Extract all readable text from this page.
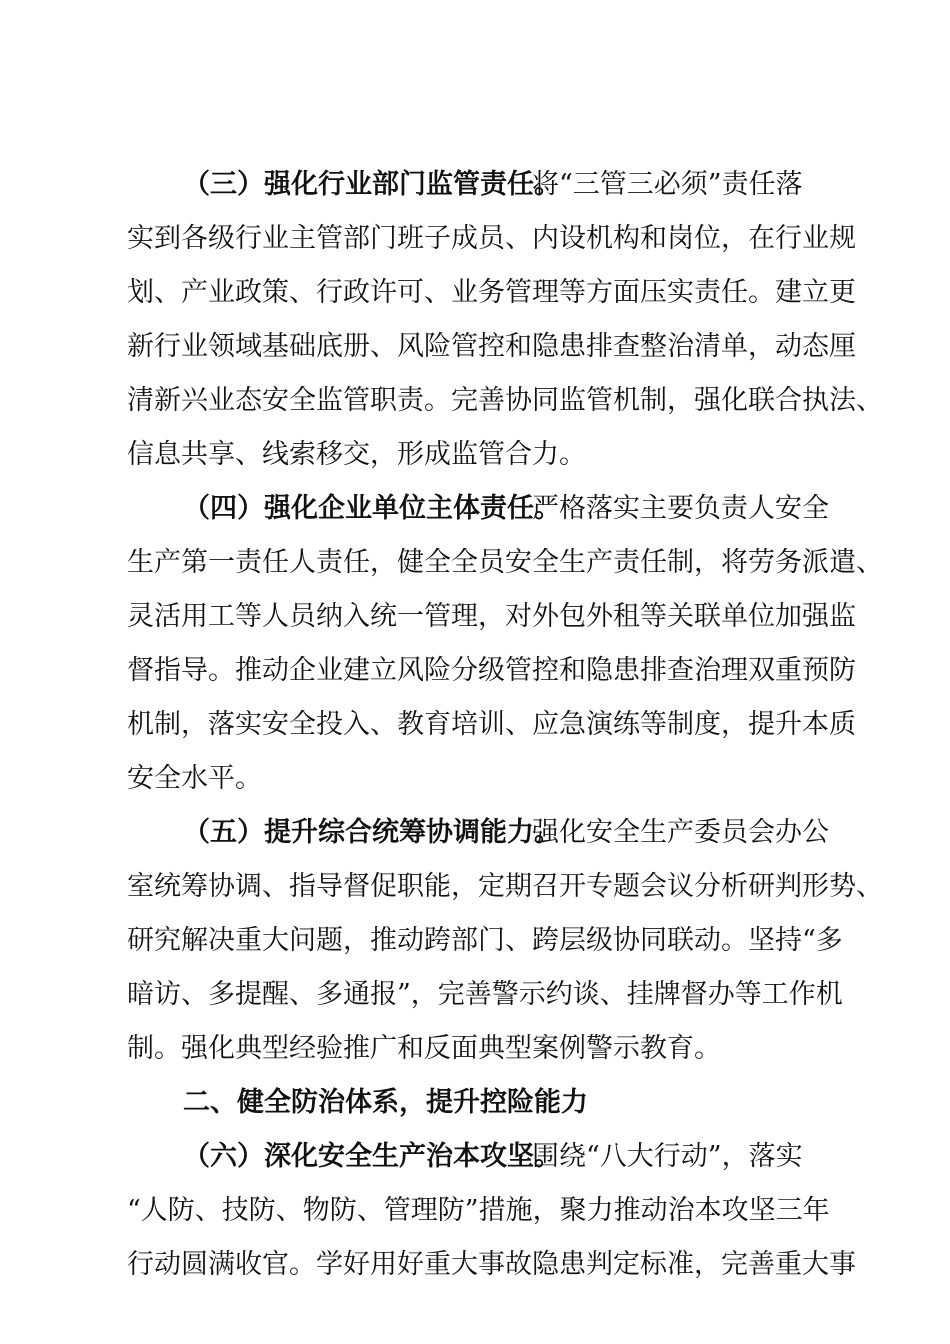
（三）强化行业部门监管责任。
将“三管三必须”责任落
实到各级行业主管部门班子成员、内设机构和岗位，在行业规
划、产业政策、行政许可、业务管理等方面压实责任。建立更
新行业领域基础底册、风险管控和隐患排查整治清单，动态厘
清新兴业态安全监管职责。完善协同监管机制，强化联合执法、
信息共享、线索移交，形成监管合力。
（四）强化企业单位主体责任。
严格落实主要负责人安全
生产第一责任人责任，健全全员安全生产责任制，将劳务派遣、
灵活用工等人员纳入统一管理，对外包外租等关联单位加强监
督指导。推动企业建立风险分级管控和隐患排查治理双重预防
机制，落实安全投入、教育培训、应急演练等制度，提升本质
安全水平。
（五）提升综合统筹协调能力。
强化安全生产委员会办公
室统筹协调、指导督促职能，定期召开专题会议分析研判形势、
研究解决重大问题，推动跨部门、跨层级协同联动。坚持“多
暗访、多提醒、多通报”，完善警示约谈、挂牌督办等工作机
制。强化典型经验推广和反面典型案例警示教育。
二、健全防治体系，提升控险能力
（六）深化安全生产治本攻坚。
围绕“八大行动”，落实
“人防、技防、物防、管理防”措施，聚力推动治本攻坚三年
行动圆满收官。学好用好重大事故隐患判定标准，完善重大事
